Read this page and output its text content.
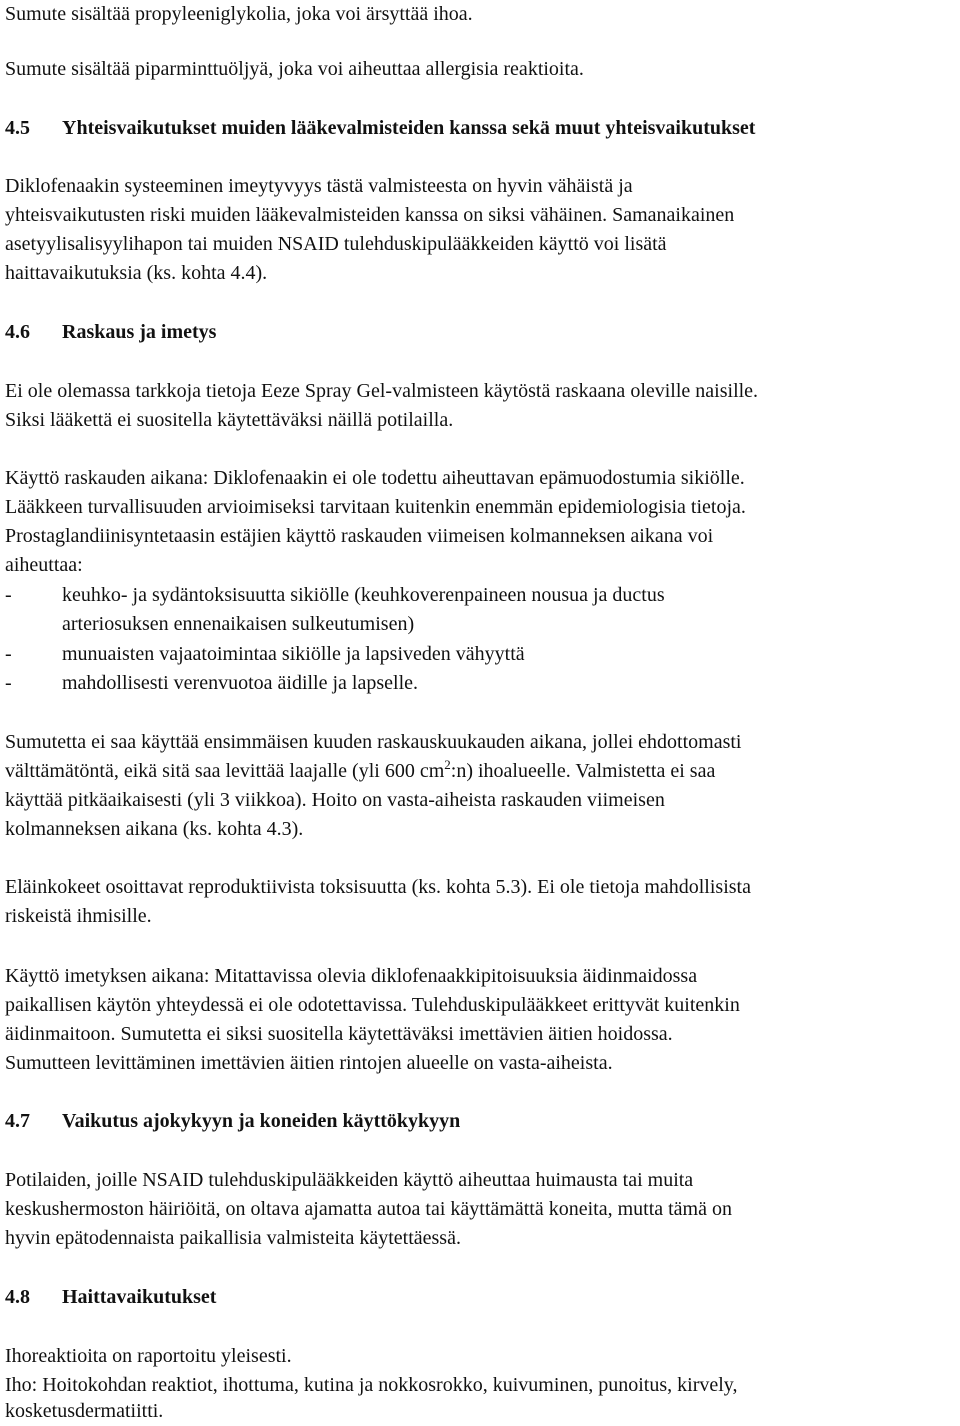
Sumute sisältää propyleeniglykolia, joka voi ärsyttää ihoa.
Sumute sisältää piparminttuöljyä, joka voi aiheuttaa allergisia reaktioita.
4.5 Yhteisvaikutukset muiden lääkevalmisteiden kanssa sekä muut yhteisvaikutukset
Diklofenaakin systeeminen imeytyvyys tästä valmisteesta on hyvin vähäistä ja
yhteisvaikutusten riski muiden lääkevalmisteiden kanssa on siksi vähäinen. Samanaikainen
asetyylisalisyylihapon tai muiden NSAID tulehduskipulääkkeiden käyttö voi lisätä
haittavaikutuksia (ks. kohta 4.4).
4.6 Raskaus ja imetys
Ei ole olemassa tarkkoja tietoja Eeze Spray Gel-valmisteen käytöstä raskaana oleville naisille.
Siksi lääkettä ei suositella käytettäväksi näillä potilailla.
Käyttö raskauden aikana: Diklofenaakin ei ole todettu aiheuttavan epämuodostumia sikiölle.
Lääkkeen turvallisuuden arvioimiseksi tarvitaan kuitenkin enemmän epidemiologisia tietoja.
Prostaglandiinisyntetaasin estäjien käyttö raskauden viimeisen kolmanneksen aikana voi
aiheuttaa:
-	keuhko- ja sydäntoksisuutta sikiölle (keuhkoverenpaineen nousua ja ductus
arteriosuksen ennenaikaisen sulkeutumisen)
-	munuaisten vajaatoimintaa sikiölle ja lapsiveden vähyyttä
-	mahdollisesti verenvuotoa äidille ja lapselle.
Sumutetta ei saa käyttää ensimmäisen kuuden raskauskuukauden aikana, jollei ehdottomasti
välttämätöntä, eikä sitä saa levittää laajalle (yli 600 $cm^2:n$) ihoalueelle. Valmistetta ei saa
käyttää pitkäaikaisesti (yli 3 viikkoa). Hoito on vasta-aiheista raskauden viimeisen
kolmanneksen aikana (ks. kohta 4.3).
Eläinkokeet osoittavat reproduktiivista toksisuutta (ks. kohta 5.3). Ei ole tietoja mahdollisista
riskeistä ihmisille.
Käyttö imetyksen aikana: Mitattavissa olevia diklofenaakkipitoisuuksia äidinmaidossa
paikallisen käytön yhteydessä ei ole odotettavissa. Tulehduskipulääkkeet erittyvät kuitenkin
äidinmaitoon. Sumutetta ei siksi suositella käytettäväksi imettävien äitien hoidossa.
Sumutteen levittäminen imettävien äitien rintojen alueelle on vasta-aiheista.
4.7 Vaikutus ajokykyyn ja koneiden käyttökykyyn
Potilaiden, joille NSAID tulehduskipulääkkeiden käyttö aiheuttaa huimausta tai muita
keskushermoston häiriöitä, on oltava ajamatta autoa tai käyttämättä koneita, mutta tämä on
hyvin epätodennaista paikallisia valmisteita käytettäessä.
4.8 Haittavaikutukset
Ihoreaktioita on raportoitu yleisesti.
Iho: Hoitokohdan reaktiot, ihottuma, kutina ja nokkosrokko, kuivuminen, punoitus, kirvely,
kosketusdermatiitti.
